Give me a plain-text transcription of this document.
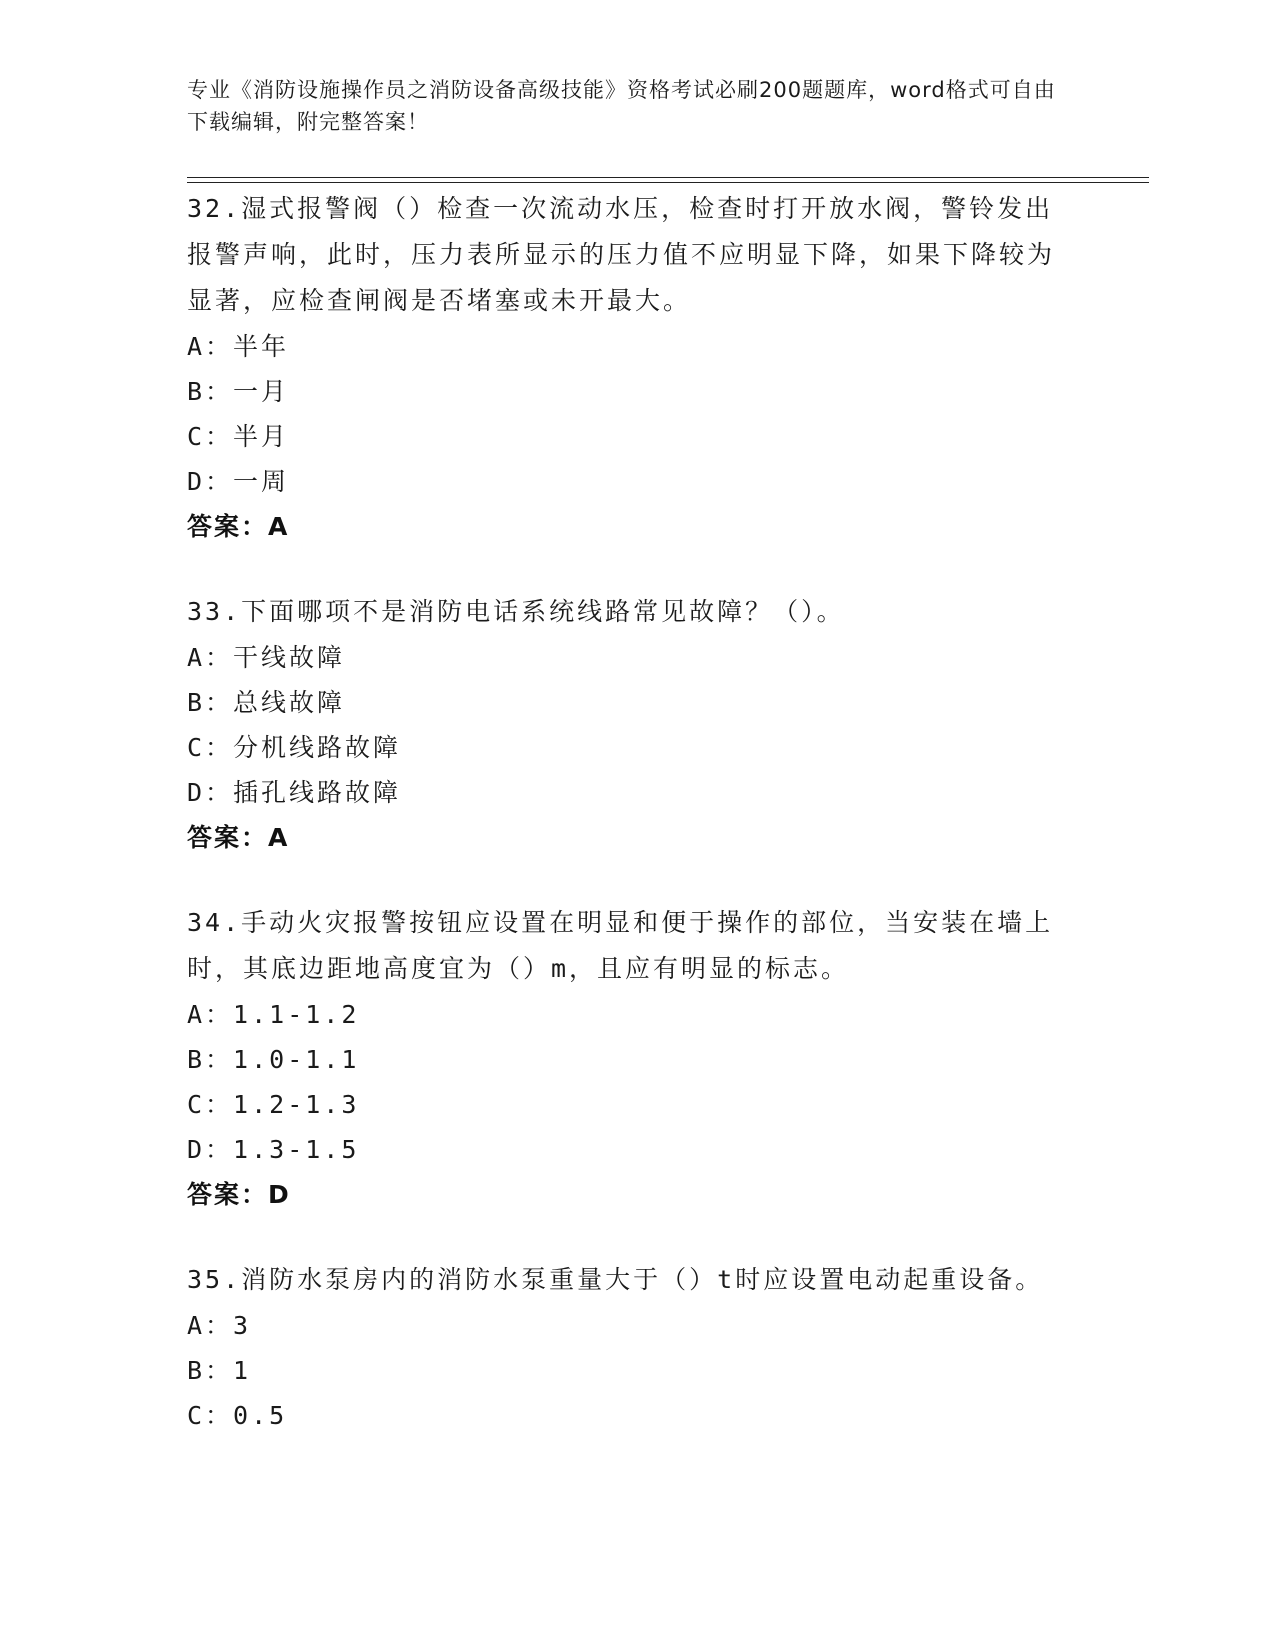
专业《消防设施操作员之消防设备高级技能》资格考试必刷200题题库，word格式可自由下载编辑，附完整答案！
32.湿式报警阀（）检查一次流动水压，检查时打开放水阀，警铃发出报警声响，此时，压力表所显示的压力值不应明显下降，如果下降较为显著，应检查闸阀是否堵塞或未开最大。
A：半年
B：一月
C：半月
D：一周
答案：A
33.下面哪项不是消防电话系统线路常见故障？（）。
A：干线故障
B：总线故障
C：分机线路故障
D：插孔线路故障
答案：A
34.手动火灾报警按钮应设置在明显和便于操作的部位，当安装在墙上时，其底边距地高度宜为（）m，且应有明显的标志。
A：1.1-1.2
B：1.0-1.1
C：1.2-1.3
D：1.3-1.5
答案：D
35.消防水泵房内的消防水泵重量大于（）t时应设置电动起重设备。
A：3
B：1
C：0.5
